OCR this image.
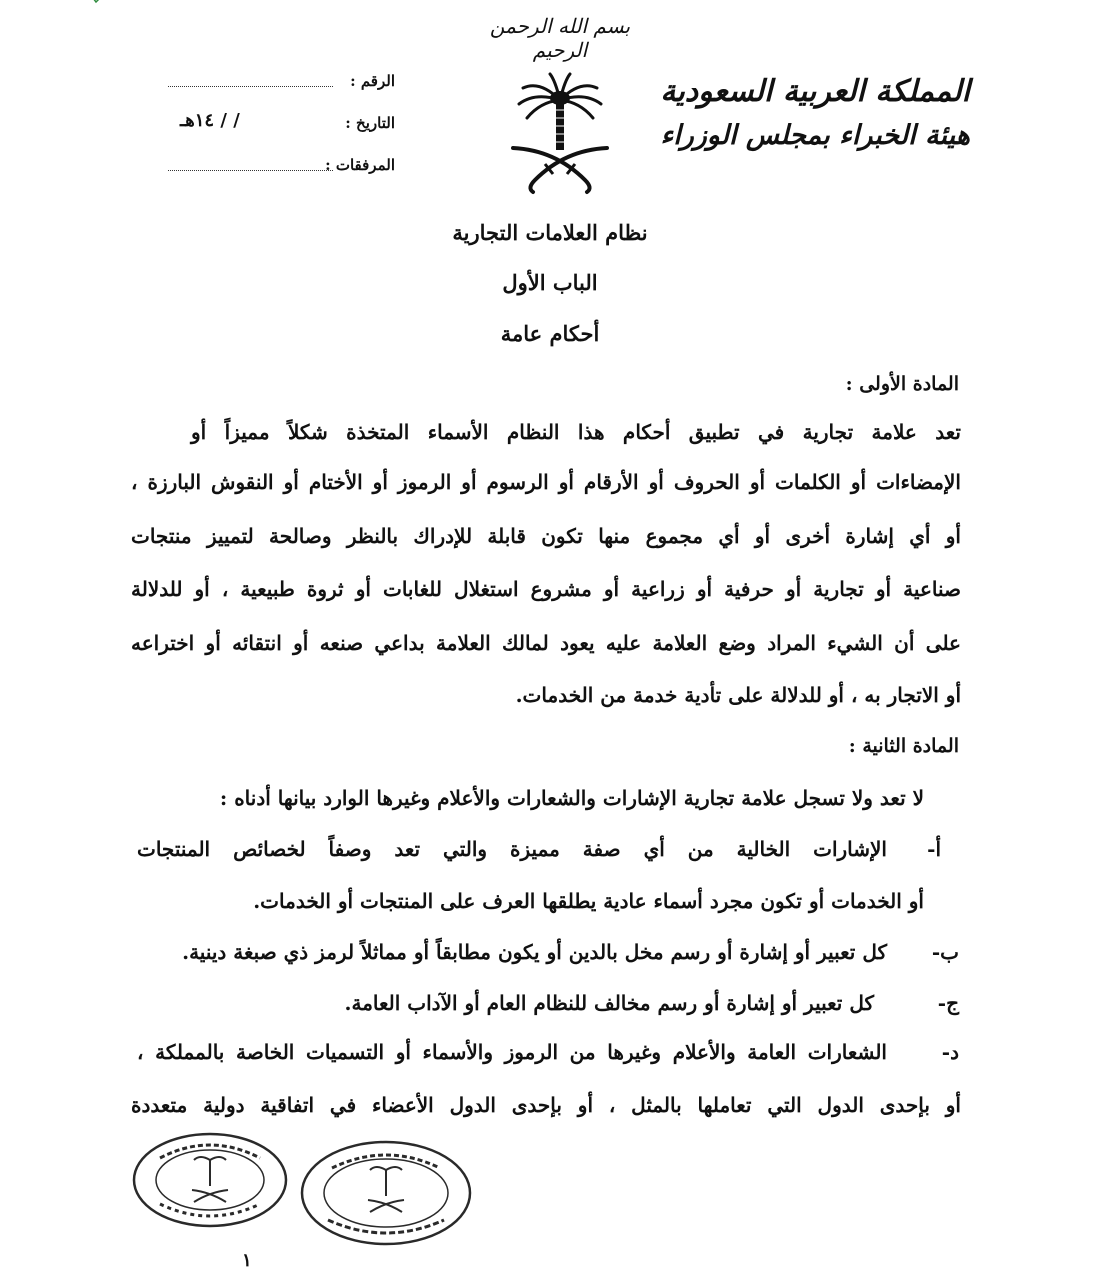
بسم الله الرحمن الرحيم
المملكة العربية السعودية
هيئة الخبراء بمجلس الوزراء
الرقم :
التاريخ :
/ / ١٤هـ
المرفقات :
نظام العلامات التجارية
الباب الأول
أحكام عامة
المادة الأولى :
تعد علامة تجارية في تطبيق أحكام هذا النظام الأسماء المتخذة شكلاً مميزاً أو
الإمضاءات أو الكلمات أو الحروف أو الأرقام أو الرسوم أو الرموز أو الأختام أو النقوش البارزة ،
أو أي إشارة أخرى أو أي مجموع منها تكون قابلة للإدراك بالنظر وصالحة لتمييز منتجات
صناعية أو تجارية أو حرفية أو زراعية أو مشروع استغلال للغابات أو ثروة طبيعية ، أو للدلالة
على أن الشيء المراد وضع العلامة عليه يعود لمالك العلامة بداعي صنعه أو انتقائه أو اختراعه
أو الاتجار به ، أو للدلالة على تأدية خدمة من الخدمات.
المادة الثانية :
لا تعد ولا تسجل علامة تجارية الإشارات والشعارات والأعلام وغيرها الوارد بيانها أدناه :
أ-
الإشارات الخالية من أي صفة مميزة والتي تعد وصفاً لخصائص المنتجات
أو الخدمات أو تكون مجرد أسماء عادية يطلقها العرف على المنتجات أو الخدمات.
ب-
كل تعبير أو إشارة أو رسم مخل بالدين أو يكون مطابقاً أو مماثلاً لرمز ذي صبغة دينية.
ج-
كل تعبير أو إشارة أو رسم مخالف للنظام العام أو الآداب العامة.
د-
الشعارات العامة والأعلام وغيرها من الرموز والأسماء أو التسميات الخاصة بالمملكة ،
أو بإحدى الدول التي تعاملها بالمثل ، أو بإحدى الدول الأعضاء في اتفاقية دولية متعددة
١
